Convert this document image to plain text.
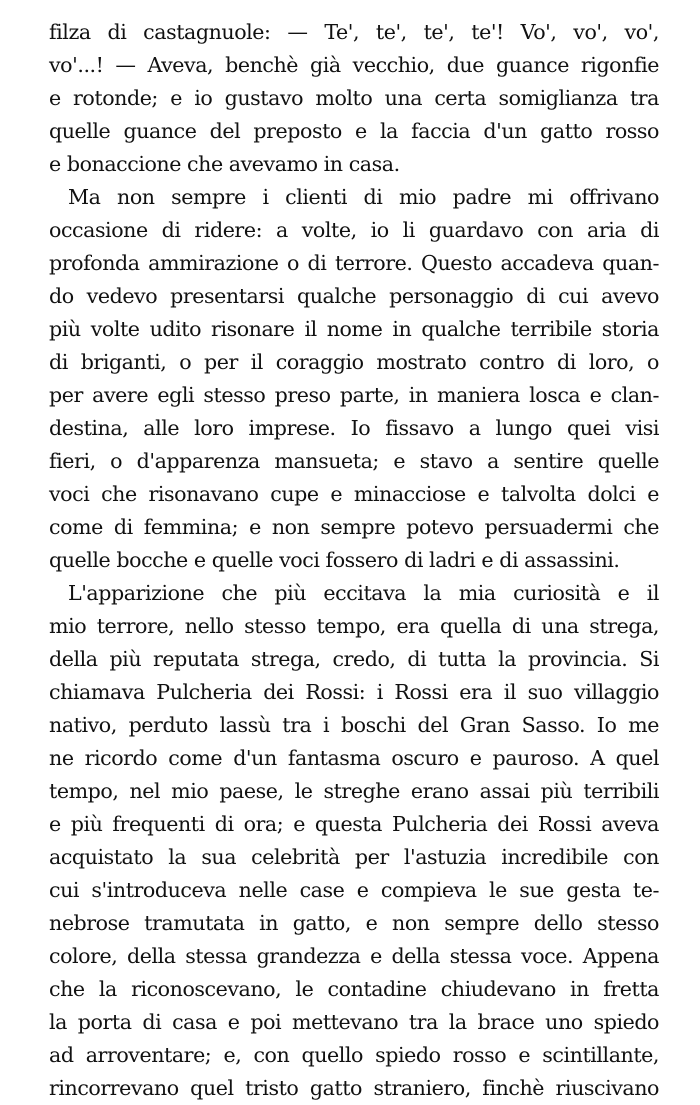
filza di castagnuole: — Te', te', te', te'! Vo', vo', vo',
vo'...! — Aveva, benchè già vecchio, due guance rigonfie
e rotonde; e io gustavo molto una certa somiglianza tra
quelle guance del preposto e la faccia d'un gatto rosso
e bonaccione che avevamo in casa.
Ma non sempre i clienti di mio padre mi offrivano
occasione di ridere: a volte, io li guardavo con aria di
profonda ammirazione o di terrore. Questo accadeva quan-
do vedevo presentarsi qualche personaggio di cui avevo
più volte udito risonare il nome in qualche terribile storia
di briganti, o per il coraggio mostrato contro di loro, o
per avere egli stesso preso parte, in maniera losca e clan-
destina, alle loro imprese. Io fissavo a lungo quei visi
fieri, o d'apparenza mansueta; e stavo a sentire quelle
voci che risonavano cupe e minacciose e talvolta dolci e
come di femmina; e non sempre potevo persuadermi che
quelle bocche e quelle voci fossero di ladri e di assassini.
L'apparizione che più eccitava la mia curiosità e il
mio terrore, nello stesso tempo, era quella di una strega,
della più reputata strega, credo, di tutta la provincia. Si
chiamava Pulcheria dei Rossi: i Rossi era il suo villaggio
nativo, perduto lassù tra i boschi del Gran Sasso. Io me
ne ricordo come d'un fantasma oscuro e pauroso. A quel
tempo, nel mio paese, le streghe erano assai più terribili
e più frequenti di ora; e questa Pulcheria dei Rossi aveva
acquistato la sua celebrità per l'astuzia incredibile con
cui s'introduceva nelle case e compieva le sue gesta te-
nebrose tramutata in gatto, e non sempre dello stesso
colore, della stessa grandezza e della stessa voce. Appena
che la riconoscevano, le contadine chiudevano in fretta
la porta di casa e poi mettevano tra la brace uno spiedo
ad arroventare; e, con quello spiedo rosso e scintillante,
rincorrevano quel tristo gatto straniero, finchè riuscivano
